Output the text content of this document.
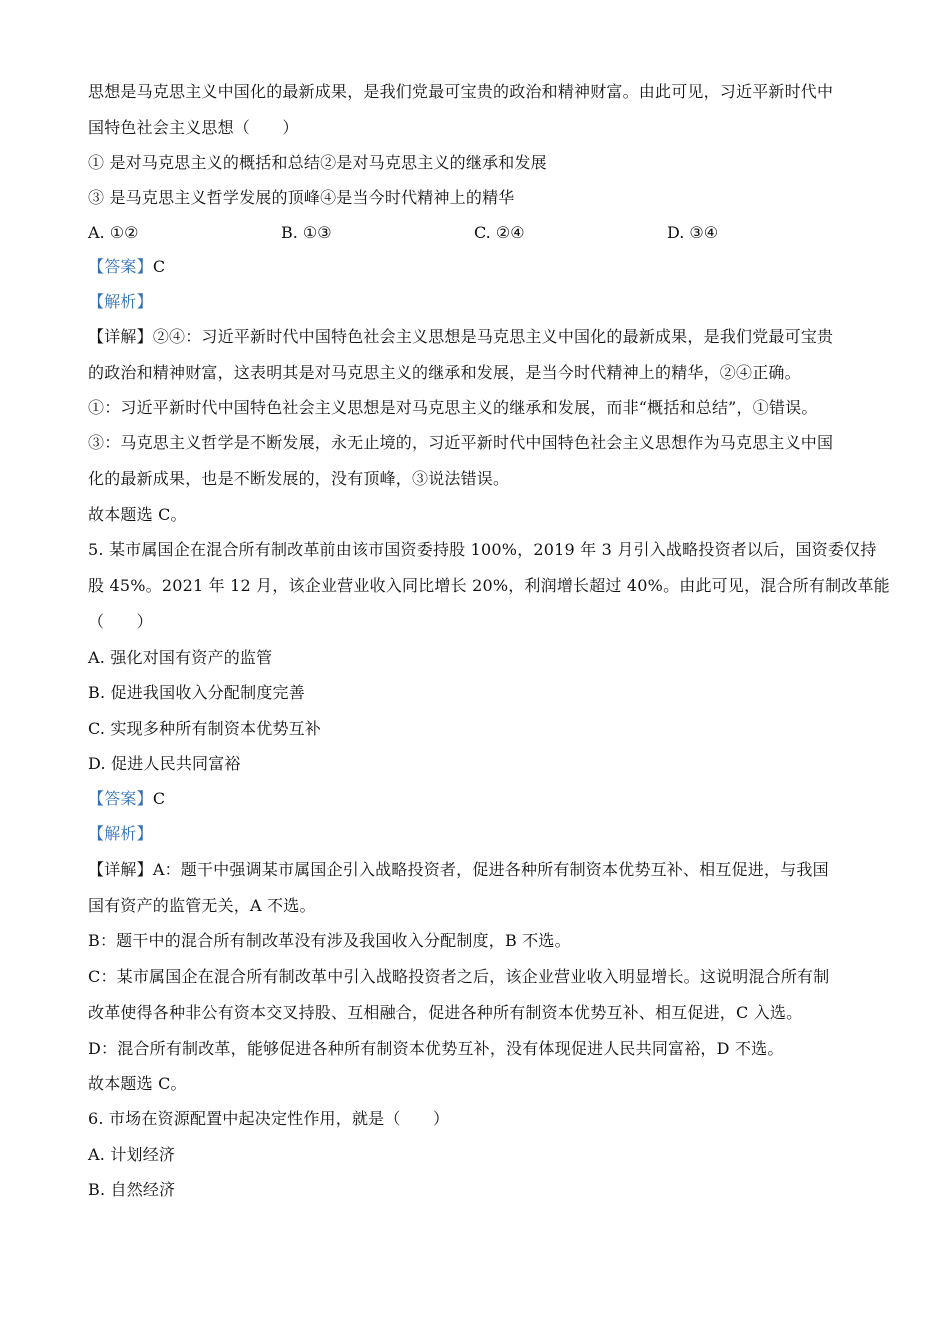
思想是马克思主义中国化的最新成果，是我们党最可宝贵的政治和精神财富。由此可见，习近平新时代中
国特色社会主义思想（　　）
① 是对马克思主义的概括和总结②是对马克思主义的继承和发展
③ 是马克思主义哲学发展的顶峰④是当今时代精神上的精华
A. ①②	B. ①③	C. ②④	D. ③④
【答案】C
【解析】
【详解】②④：习近平新时代中国特色社会主义思想是马克思主义中国化的最新成果，是我们党最可宝贵
的政治和精神财富，这表明其是对马克思主义的继承和发展，是当今时代精神上的精华，②④正确。
①：习近平新时代中国特色社会主义思想是对马克思主义的继承和发展，而非“概括和总结”，①错误。
③：马克思主义哲学是不断发展，永无止境的，习近平新时代中国特色社会主义思想作为马克思主义中国
化的最新成果，也是不断发展的，没有顶峰，③说法错误。
故本题选 C。
5. 某市属国企在混合所有制改革前由该市国资委持股 100%，2019 年 3 月引入战略投资者以后，国资委仅持
股 45%。2021 年 12 月，该企业营业收入同比增长 20%，利润增长超过 40%。由此可见，混合所有制改革能
（　　）
A. 强化对国有资产的监管
B. 促进我国收入分配制度完善
C. 实现多种所有制资本优势互补
D. 促进人民共同富裕
【答案】C
【解析】
【详解】A：题干中强调某市属国企引入战略投资者，促进各种所有制资本优势互补、相互促进，与我国
国有资产的监管无关，A 不选。
B：题干中的混合所有制改革没有涉及我国收入分配制度，B 不选。
C：某市属国企在混合所有制改革中引入战略投资者之后，该企业营业收入明显增长。这说明混合所有制
改革使得各种非公有资本交叉持股、互相融合，促进各种所有制资本优势互补、相互促进，C 入选。
D：混合所有制改革，能够促进各种所有制资本优势互补，没有体现促进人民共同富裕，D 不选。
故本题选 C。
6. 市场在资源配置中起决定性作用，就是（　　）
A. 计划经济
B. 自然经济
